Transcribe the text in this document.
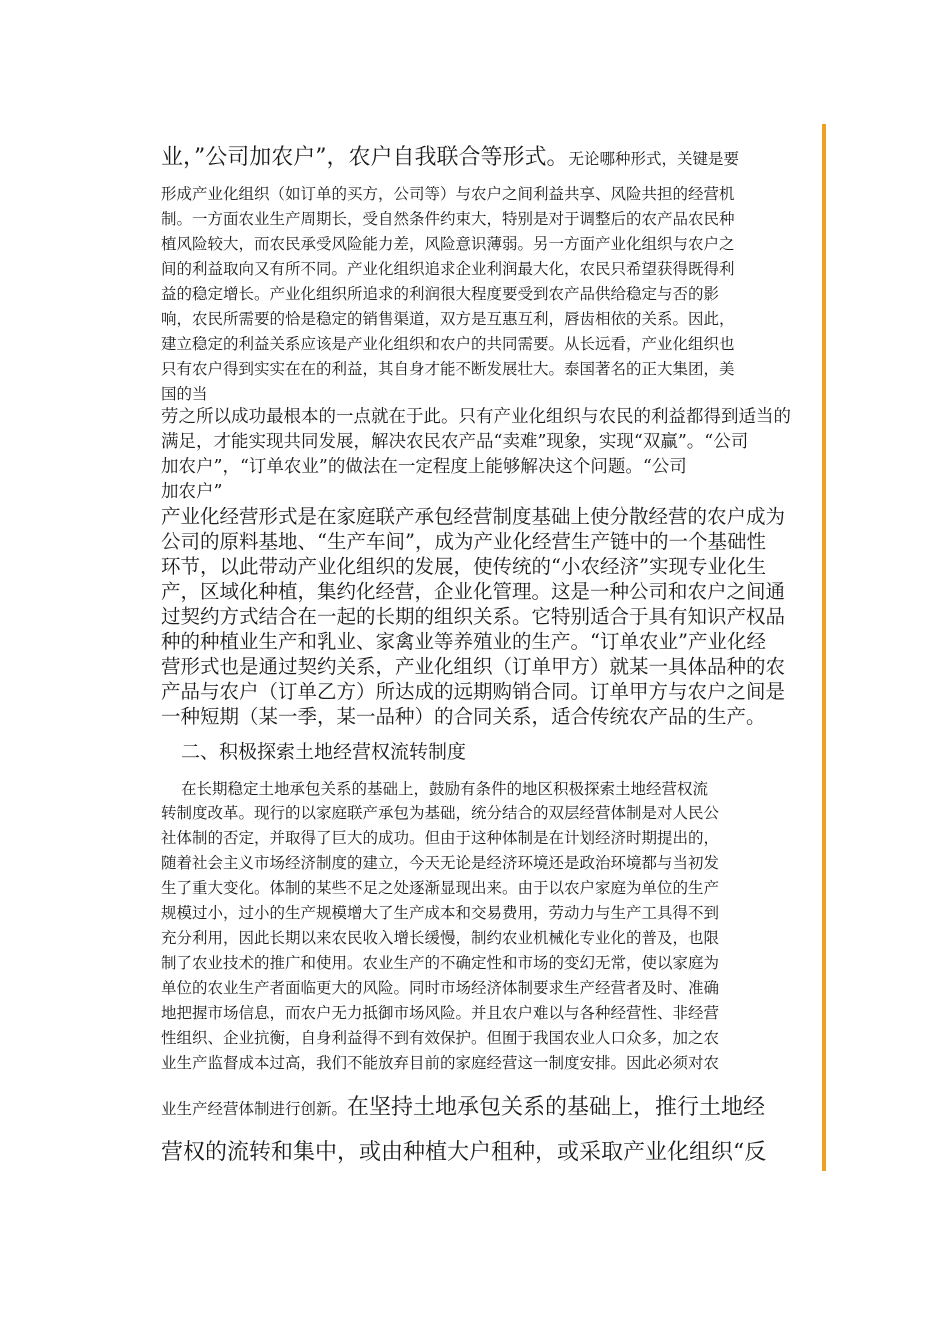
业，”公司加农户”，农户自我联合等形式。无论哪种形式，关键是要
形成产业化组织（如订单的买方，公司等）与农户之间利益共享、风险共担的经营机
制。一方面农业生产周期长，受自然条件约束大，特别是对于调整后的农产品农民种
植风险较大，而农民承受风险能力差，风险意识薄弱。另一方面产业化组织与农户之
间的利益取向又有所不同。产业化组织追求企业利润最大化，农民只希望获得既得利
益的稳定增长。产业化组织所追求的利润很大程度要受到农产品供给稳定与否的影
响，农民所需要的恰是稳定的销售渠道，双方是互惠互利，唇齿相依的关系。因此，
建立稳定的利益关系应该是产业化组织和农户的共同需要。从长远看，产业化组织也
只有农户得到实实在在的利益，其自身才能不断发展壮大。泰国著名的正大集团，美
国的当
劳之所以成功最根本的一点就在于此。只有产业化组织与农民的利益都得到适当的
满足，才能实现共同发展，解决农民农产品“卖难”现象，实现“双赢”。“公司
加农户”，“订单农业”的做法在一定程度上能够解决这个问题。“公司
加农户”
产业化经营形式是在家庭联产承包经营制度基础上使分散经营的农户成为
公司的原料基地、“生产车间”，成为产业化经营生产链中的一个基础性
环节，以此带动产业化组织的发展，使传统的“小农经济”实现专业化生
产，区域化种植，集约化经营，企业化管理。这是一种公司和农户之间通
过契约方式结合在一起的长期的组织关系。它特别适合于具有知识产权品
种的种植业生产和乳业、家禽业等养殖业的生产。“订单农业”产业化经
营形式也是通过契约关系，产业化组织（订单甲方）就某一具体品种的农
产品与农户（订单乙方）所达成的远期购销合同。订单甲方与农户之间是
一种短期（某一季，某一品种）的合同关系，适合传统农产品的生产。
二、积极探索土地经营权流转制度
在长期稳定土地承包关系的基础上，鼓励有条件的地区积极探索土地经营权流
转制度改革。现行的以家庭联产承包为基础，统分结合的双层经营体制是对人民公
社体制的否定，并取得了巨大的成功。但由于这种体制是在计划经济时期提出的，
随着社会主义市场经济制度的建立，今天无论是经济环境还是政治环境都与当初发
生了重大变化。体制的某些不足之处逐渐显现出来。由于以农户家庭为单位的生产
规模过小，过小的生产规模增大了生产成本和交易费用，劳动力与生产工具得不到
充分利用，因此长期以来农民收入增长缓慢，制约农业机械化专业化的普及，也限
制了农业技术的推广和使用。农业生产的不确定性和市场的变幻无常，使以家庭为
单位的农业生产者面临更大的风险。同时市场经济体制要求生产经营者及时、准确
地把握市场信息，而农户无力抵御市场风险。并且农户难以与各种经营性、非经营
性组织、企业抗衡，自身利益得不到有效保护。但囿于我国农业人口众多，加之农
业生产监督成本过高，我们不能放弃目前的家庭经营这一制度安排。因此必须对农
业生产经营体制进行创新。在坚持土地承包关系的基础上，推行土地经
营权的流转和集中，或由种植大户租种，或采取产业化组织“反
